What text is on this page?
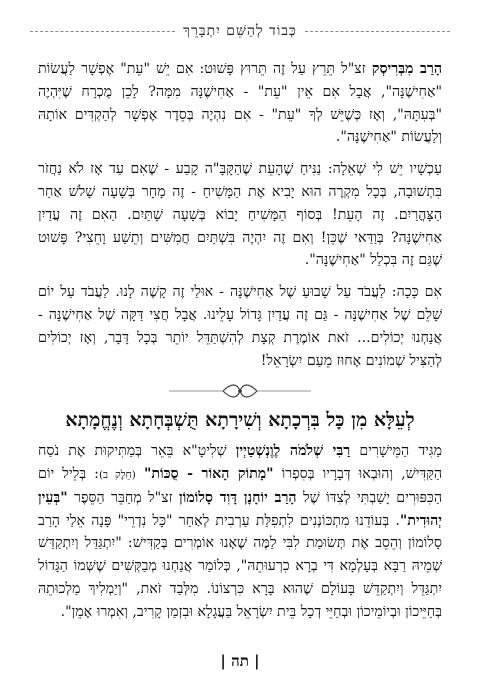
כְּבוֹד לְהַשֵּׁם יִתְבָּרֵךְ

הָרַב מִבְּרִיסְק זצ"ל תֵּרֵץ עַל זֶה תֵּרוּץ פָּשׁוּט: אִם יֵשׁ "עֵת" אֶפְשָׁר לַעֲשׂוֹת "אַחִישֶׁנָּה", אֲבָל אִם אֵין "עֵת" - אַחִישֶׁנָּה מִמָּה? לָכֵן מֻכְרָח שֶׁיִּהְיֶה "בְּעִתָּהּ", וְאָז כְּשֶׁיֵּשׁ לְךָ "עֵת" - אִם נִהְיֶה בְּסֵדֶר אֶפְשָׁר לְהַקְדִּים אוֹתָהּ וְלַעֲשׂוֹת "אַחִישֶׁנָּה".

עַכְשָׁיו יֵשׁ לִי שְׁאֵלָה: נַנִּיחַ שֶׁהָעֵת שֶׁהַקָּבָּ"ה קָבַע - שֶׁאִם עַד אָז לֹא נַחֲזֹר בִּתְשׁוּבָה, בְּכָל מִקְרֶה הוּא יָבִיא אֶת הַמָּשִׁיחַ - זֶה מָחָר בְּשָׁעָה שָׁלֹשׁ אַחַר הַצָּהֳרַיִם. זֶה הָעֵת! בְּסוֹף הַמָּשִׁיחַ יָבוֹא בְּשָׁעָה שָׁתַּיִם. הַאִם זֶה עֲדַיִן אַחִישֶׁנָּה? בְּוַדַּאי שֶׁכֵּן! וְאִם זֶה יִהְיֶה בִּשְׁתַּיִם חֲמִשִּׁים וְתֵשַׁע וָחֵצִי? פָּשׁוּט שֶׁגַּם זֶה בִּכְלַל "אַחִישֶׁנָּה".

אִם כָּכָה: לַעֲבֹד עַל שָׁבוּעַ שֶׁל אַחִישֶׁנָּה - אוּלַי זֶה קָשֶׁה לָנוּ. לַעֲבֹד עַל יוֹם שָׁלֵם שֶׁל אַחִישֶׁנָּה - גַּם זֶה עֲדַיִן גָּדוֹל עָלֵינוּ. אֲבָל חֲצִי דַּקָּה שֶׁל אַחִישֶׁנָּה - אֲנַחְנוּ יְכוֹלִים... זֹאת אוֹמֶרֶת קְצָת לְהִשְׁתַּדֵּל יוֹתֵר בְּכָל דָּבָר, וְאָז יְכוֹלִים לְהַצִּיל שְׁמוֹנִים אָחוּז מֵעַם יִשְׂרָאֵל!

לְעֵלָּא מִן כָּל בִּרְכָתָא וְשִׁירָתָא תֻּשְׁבְּחָתָא וְנֶחֱמָתָא

מַגִּיד הַמֵּישָׁרִים רַבִּי שְׁלֹמֹה לֶוֶנְשְׁטַיְין שְׁלִיטָ"א בֵּאֵר בְּמַתִּיקוּת אֶת נֹסַח הַקַּדִּישׁ, וְהוּבְאוּ דְּבָרָיו בְּסִפְרוֹ "מָתוֹק הָאוֹר - סֻכּוֹת" (חֵלֶק ב): בְּלֵיל יוֹם הַכִּפּוּרִים יָשַׁבְתִּי לְצִדּוֹ שֶׁל הָרַב יוֹחָנָן דָּוִד סָלוֹמוֹן זצ"ל מְחַבֵּר הַסֵּפֶר "בְּעֵין יְהוּדִית". בְּעוֹדֵנוּ מִתְכּוֹנְנִים לִתְפִלַּת עַרְבִית לְאַחַר "כָּל נִדְרֵי" פָּנָה אֵלַי הָרַב סָלוֹמוֹן וְהֵסֵב אֶת תְּשׂוּמַת לִבִּי לַמֶּה שֶׁאָנוּ אוֹמְרִים בְּקַדִּישׁ: "יִתְגַּדַּל וְיִתְקַדַּשׁ שְׁמֵיהּ רַבָּא בְּעָלְמָא דִּי בְרָא כִרְעוּתֵהּ", כְּלוֹמַר אֲנַחְנוּ מְבַקְּשִׁים שֶׁשְּׁמוֹ הַגָּדוֹל יִתְגַּדֵּל וְיִתְקַדֵּשׁ בָּעוֹלָם שֶׁהוּא בָּרָא כִּרְצוֹנוֹ. מִלְּבַד זֹאת, "וְיַמְלִיךְ מַלְכוּתֵהּ בְּחַיֵּיכוֹן וּבְיוֹמֵיכוֹן וּבְחַיֵּי דְכָל בֵּית יִשְׂרָאֵל בַּעֲגָלָא וּבִזְמַן קָרִיב, וְאִמְרוּ אָמֵן".

| תה |
